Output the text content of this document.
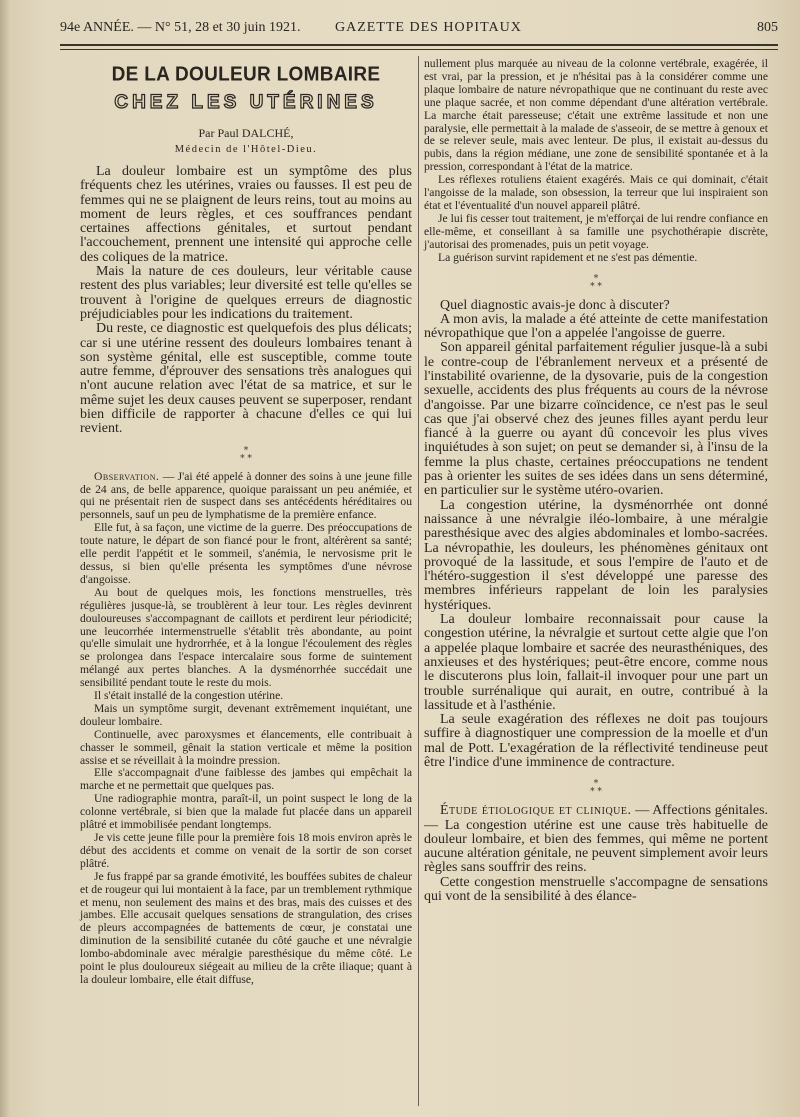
94e ANNÉE. — N° 51, 28 et 30 juin 1921. GAZETTE DES HOPITAUX	805
DE LA DOULEUR LOMBAIRE
CHEZ LES UTÉRINES

Par Paul DALCHÉ,

Médecin de l'Hôtel-Dieu.

La douleur lombaire est un symptôme des plus fréquents chez les utérines, vraies ou fausses. Il est peu de femmes qui ne se plaignent de leurs reins, tout au moins au moment de leurs règles, et ces souffrances pendant certaines affections génitales, et surtout pendant l'accouchement, prennent une intensité qui approche celle des coliques de la matrice.

Mais la nature de ces douleurs, leur véritable cause restent des plus variables; leur diversité est telle qu'elles se trouvent à l'origine de quelques erreurs de diagnostic préjudiciables pour les indications du traitement.

Du reste, ce diagnostic est quelquefois des plus délicats; car si une utérine ressent des douleurs lombaires tenant à son système génital, elle est susceptible, comme toute autre femme, d'éprouver des sensations très analogues qui n'ont aucune relation avec l'état de sa matrice, et sur le même sujet les deux causes peuvent se superposer, rendant bien difficile de rapporter à chacune d'elles ce qui lui revient.

*
* *

Observation. — J'ai été appelé à donner des soins à une jeune fille de 24 ans, de belle apparence, quoique paraissant un peu anémiée, et qui ne présentait rien de suspect dans ses antécédents héréditaires ou personnels, sauf un peu de lymphatisme de la première enfance.

Elle fut, à sa façon, une victime de la guerre. Des préoccupations de toute nature, le départ de son fiancé pour le front, altérèrent sa santé; elle perdit l'appétit et le sommeil, s'anémia, le nervosisme prit le dessus, si bien qu'elle présenta les symptômes d'une névrose d'angoisse.

Au bout de quelques mois, les fonctions menstruelles, très régulières jusque-là, se troublèrent à leur tour. Les règles devinrent douloureuses s'accompagnant de caillots et perdirent leur périodicité; une leucorrhée intermenstruelle s'établit très abondante, au point qu'elle simulait une hydrorrhée, et à la longue l'écoulement des règles se prolongea dans l'espace intercalaire sous forme de suintement mélangé aux pertes blanches. A la dysménorrhée succédait une sensibilité pendant toute le reste du mois.

Il s'était installé de la congestion utérine.

Mais un symptôme surgit, devenant extrêmement inquiétant, une douleur lombaire.

Continuelle, avec paroxysmes et élancements, elle contribuait à chasser le sommeil, gênait la station verticale et même la position assise et se réveillait à la moindre pression.

Elle s'accompagnait d'une faiblesse des jambes qui empêchait la marche et ne permettait que quelques pas.

Une radiographie montra, paraît-il, un point suspect le long de la colonne vertébrale, si bien que la malade fut placée dans un appareil plâtré et immobilisée pendant longtemps.

Je vis cette jeune fille pour la première fois 18 mois environ après le début des accidents et comme on venait de la sortir de son corset plâtré.

Je fus frappé par sa grande émotivité, les bouffées subites de chaleur et de rougeur qui lui montaient à la face, par un tremblement rythmique et menu, non seulement des mains et des bras, mais des cuisses et des jambes. Elle accusait quelques sensations de strangulation, des crises de pleurs accompagnées de battements de cœur, je constatai une diminution de la sensibilité cutanée du côté gauche et une névralgie lombo-abdominale avec méralgie paresthésique du même côté. Le point le plus douloureux siégeait au milieu de la crête iliaque; quant à la douleur lombaire, elle était diffuse,

nullement plus marquée au niveau de la colonne vertébrale, exagérée, il est vrai, par la pression, et je n'hésitai pas à la considérer comme une plaque lombaire de nature névropathique que ne continuant du reste avec une plaque sacrée, et non comme dépendant d'une altération vertébrale. La marche était paresseuse; c'était une extrême lassitude et non une paralysie, elle permettait à la malade de s'asseoir, de se mettre à genoux et de se relever seule, mais avec lenteur. De plus, il existait au-dessus du pubis, dans la région médiane, une zone de sensibilité spontanée et à la pression, correspondant à l'état de la matrice.

Les réflexes rotuliens étaient exagérés. Mais ce qui dominait, c'était l'angoisse de la malade, son obsession, la terreur que lui inspiraient son état et l'éventualité d'un nouvel appareil plâtré.

Je lui fis cesser tout traitement, je m'efforçai de lui rendre confiance en elle-même, et conseillant à sa famille une psychothérapie discrète, j'autorisai des promenades, puis un petit voyage.

La guérison survint rapidement et ne s'est pas démentie.

*
* *

Quel diagnostic avais-je donc à discuter?

A mon avis, la malade a été atteinte de cette manifestation névropathique que l'on a appelée l'angoisse de guerre.

Son appareil génital parfaitement régulier jusque-là a subi le contre-coup de l'ébranlement nerveux et a présenté de l'instabilité ovarienne, de la dysovarie, puis de la congestion sexuelle, accidents des plus fréquents au cours de la névrose d'angoisse. Par une bizarre coïncidence, ce n'est pas le seul cas que j'ai observé chez des jeunes filles ayant perdu leur fiancé à la guerre ou ayant dû concevoir les plus vives inquiétudes à son sujet; on peut se demander si, à l'insu de la femme la plus chaste, certaines préoccupations ne tendent pas à orienter les suites de ses idées dans un sens déterminé, en particulier sur le système utéro-ovarien.

La congestion utérine, la dysménorrhée ont donné naissance à une névralgie iléo-lombaire, à une méralgie paresthésique avec des algies abdominales et lombo-sacrées. La névropathie, les douleurs, les phénomènes génitaux ont provoqué de la lassitude, et sous l'empire de l'auto et de l'hétéro-suggestion il s'est développé une paresse des membres inférieurs rappelant de loin les paralysies hystériques.

La douleur lombaire reconnaissait pour cause la congestion utérine, la névralgie et surtout cette algie que l'on a appelée plaque lombaire et sacrée des neurasthéniques, des anxieuses et des hystériques; peut-être encore, comme nous le discuterons plus loin, fallait-il invoquer pour une part un trouble surrénalique qui aurait, en outre, contribué à la lassitude et à l'asthénie.

La seule exagération des réflexes ne doit pas toujours suffire à diagnostiquer une compression de la moelle et d'un mal de Pott. L'exagération de la réflectivité tendineuse peut être l'indice d'une imminence de contracture.

*
* *

Étude étiologique et clinique. — Affections génitales. — La congestion utérine est une cause très habituelle de douleur lombaire, et bien des femmes, qui même ne portent aucune altération génitale, ne peuvent simplement avoir leurs règles sans souffrir des reins.

Cette congestion menstruelle s'accompagne de sensations qui vont de la sensibilité à des élance-
